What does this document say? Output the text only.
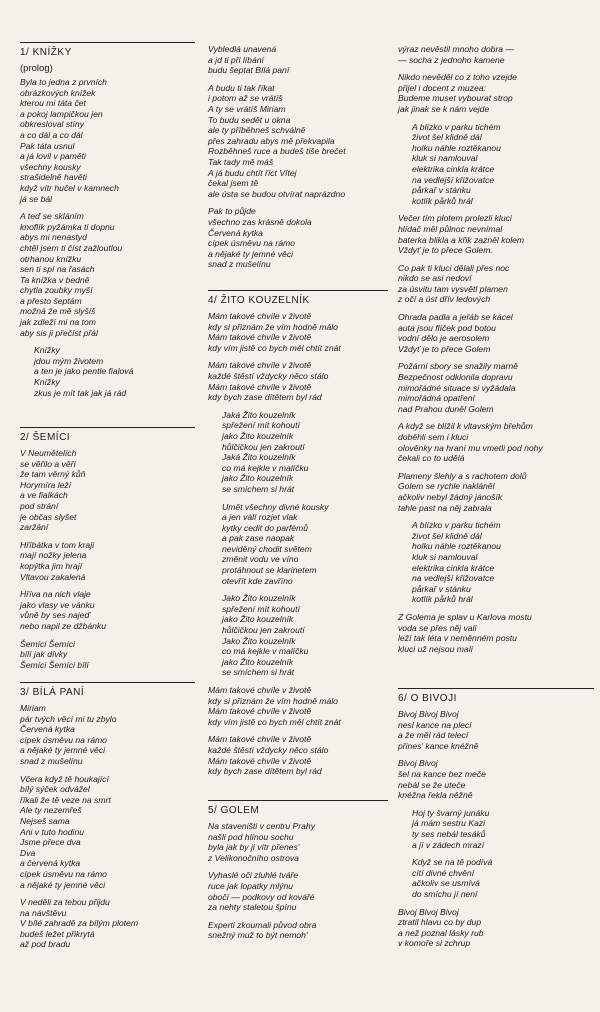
1/ KNÍŽKY
(prolog)
Byla to jedna z prvních
obrázkových knížek
kterou mi táta čet
a pokoj lampičkou jen
obkresloval stíny
a co dál a co dál
Pak táta usnul
a já lovil v paměti
všechny kousky
strašidelně havěti
když vítr hučel v kamnech
já se bál
A teď se skláním
knoflík pyžámka ti dopnu
abys mi nenastyd
chtěl jsem ti číst zažloutlou
otrhanou knížku
sen ti spí na řasách
Ta knížka v bedně
chytla zoubky myší
a přesto šeptám
možná že mě slyšíš
jak zdleží mi na tom
aby sis ji přečíst přál
Knížky
jdou mým životem
a ten je jako pentle fialová
Knížky
zkus je mít tak jak já rád
2/ ŠEMÍCI
V Neumětelích
se věřilo a věří
že tam věrný kůň
Horymíra leží
a ve fialkách
pod strání
je občas slyšet
zaržání
Hříbátka v tom kraji
mají nožky jelena
kopýtka jim hrají
Vltavou zakalená
Hříva na nich vlaje
jako vlasy ve vánku
vůně by ses najeď
nebo napil ze džbánku
Šemíci Šemíci
bílí jak dívky
Šemíci Šemíci bílí
3/ BÍLÁ PANÍ
Miriam
pár tvých věcí mi tu zbylo
Červená kytka
cípek úsměvu na rámo
a nějaké ty jemné věci
snad z mušelínu
Včera když tě houkající
bílý sýček odvážel
říkali že tě veze na smrt
Ale ty nezemřeš
Nejseš sama
Ani v tuto hodinu
Jsme přece dva
Dva
a červená kytka
cípek úsměvu na rámo
a nějaké ty jemné věci
V neděli za tebou přijdu
na návštěvu
V bílé zahradě za bílým plotem
budeš ležet přikrytá
až pod bradu
Vybledlá unavená
a jd ti při líbání
budu šeptat Bílá paní
A budu ti tak říkat
i potom až se vrátíš
A ty se vrátíš Miriam
To budu sedět u okna
ale ty příběhneš schválně
přes zahradu abys mě překvapila
Rozběhneš ruce a budeš tiše brečet
Tak tady mě máš
A já budu chtít říct Vítej
čekal jsem tě
ale ústa se budou otvírat naprázdno
Pak to půjde
všechno zas krásně dokola
Červená kytka
cípek úsměvu na rámo
a nějaké ty jemné věci
snad z mušelínu
4/ ŽITO KOUZELNÍK
Mám takové chvíle v životě
kdy si přiznám že vím hodně málo
Mám takové chvíle v životě
kdy vím jistě co bych měl chtít znát
Mám takové chvíle v životě
každé štěstí vždycky něco stálo
Mám takové chvíle v životě
kdy bych zase dítětem byl rád
Jaká Žito kouzelník
spřežení mít kohoutí
jako Žito kouzelník
hůlčičkou jen zakroutí
Jaká Žito kouzelník
co má kejkle v malíčku
jako Žito kouzelník
se smíchem si hrát
Umět všechny divné kousky
a jen válí rozjet vlak
kytky cedit do parfémů
a pak zase naopak
neviděný chodit světem
změnit vodu ve víno
protáhnout se klarinetem
otevřít kde zavříno
Jako Žito kouzelník
spřežení mít kohoutí
jako Žito kouzelník
hůlčičkou jen zakroutí
Jako Žito kouzelník
co má kejkle v malíčku
jako Žito kouzelník
se smíchem si hrát
Mám takové chvíle v životě
kdy si přiznám že vím hodně málo
Mám takové chvíle v životě
kdy vím jistě co bych měl chtít znát
Mám takové chvíle v životě
každé štěstí vždycky něco stálo
Mám takové chvíle v životě
kdy bych zase dítětem byl rád
5/ GOLEM
Na staveništi v centru Prahy
našli pod hlínou sochu
byla jak by ji vítr přenes'
z Velikonočního ostrova
Vyhaslé oči zluhlé tváře
ruce jak lopatky mlýnu
obočí — podkovy od kovářé
za nehty staletou špínu
Experti zkoumali původ obra
snežný muž to být nemoh'
výraz nevěstil mnoho dobra —
— socha z jednoho kamene
Nikdo nevěděl co z toho vzejde
přijel i docent z muzea:
Budeme muset vybourat strop
jak jinak se k nám vejde
A blízko v parku tichém
život šel klidně dál
holku náhle roztěkanou
kluk si namlouval
elektrika cinkla krátce
na vedlejší křižovatce
pårkař v stánku
kotlík pårků hrál
Večer tím plotem prolezli kluci
hlídač měl půlnoc nevnímal
baterka blikla a křik zazněl kolem
Vždyť je to přece Golem.
Co pak ti kluci dělali přes noc
nikdo se asi nedoví
za úsvitu tam vysvětl plamen
z očí a úst dřív ledových
Ohrada padla a jeřáb se kácel
auta jsou flíček pod botou
vodní dělo je aerosolem
Vždyť je to přece Golem
Požární sbory se snažily marně
Bezpečnost odklonila dopravu
mimořádné situace si vyžádala
mimořádná opatření
nad Prahou duněl Golem
A když se blížil k vltavským břehům
doběhli sem i kluci
olověnky na hraní mu vmetli pod nohy
čekali co to udělá
Plameny šlehly a s rachotem dolů
Golem se rychle nakláněl
ačkoliv nebyl žádný jánošík
tahle past na něj zabrala
A blízko v parku tichém
život šel klidně dál
holku náhle roztěkanou
kluk si namlouval
elektrika cinkla krátce
na vedlejší křižovatce
pårkař v stánku
kotlík pårků hrál
Z Golema je splav u Karlova mostu
voda se přes něj valí
leží tak léta v neměnném postu
kluci už nejsou malí
6/ O BIVOJI
Bivoj Bivoj Bivoj
nesl kance na plecí
a že měl rád telecí
přines' kance knéžně
Bivoj Bivoj
šel na kance bez meče
nebál se že uteče
knéžna řekla něžně
Hoj ty švarný junáku
já mám sestru Kazi
ty ses nebál tesáků
a jí v zádech mrazí
Když se na tě podívá
cítí divné chvění
ačkoliv se usmívá
do smíchu jí není
Bivoj Bivoj Bivoj
ztratil hlavu co by dup
a než poznal lásky rub
v komoře si zchrup
